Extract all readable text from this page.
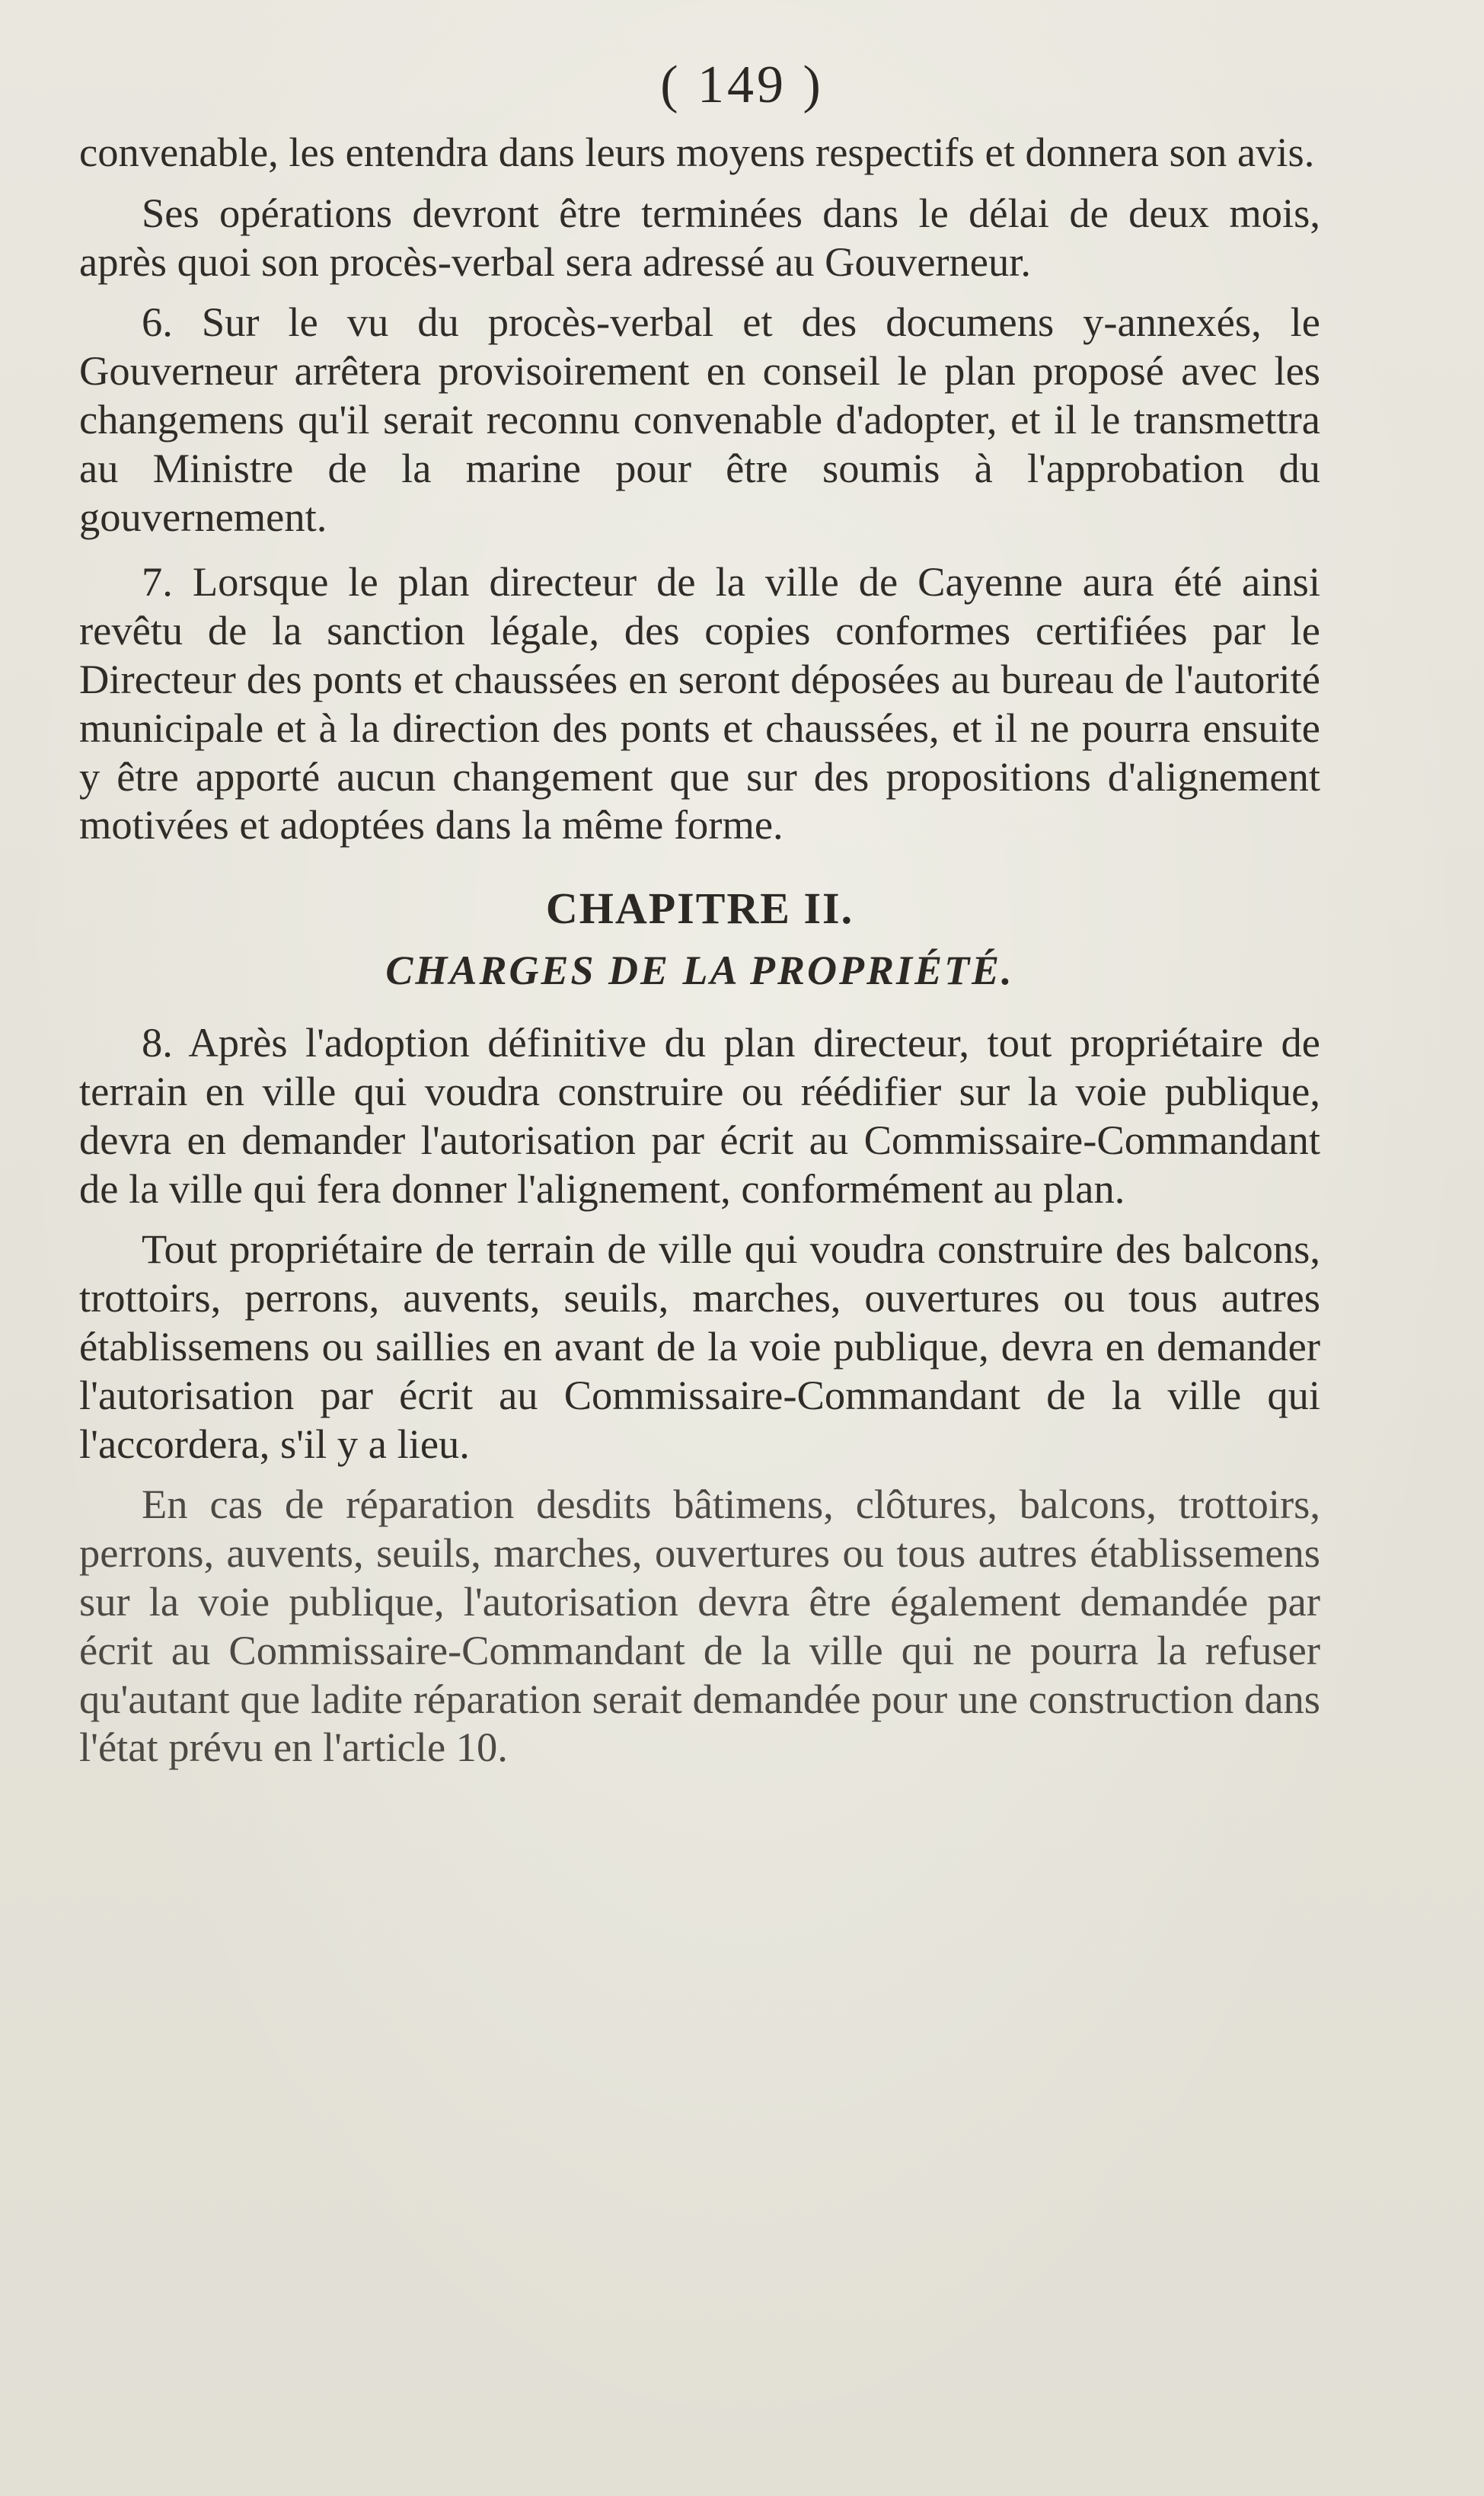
( 149 )

convenable, les entendra dans leurs moyens respectifs et donnera son avis.

Ses opérations devront être terminées dans le délai de deux mois, après quoi son procès-verbal sera adressé au Gouverneur.

6. Sur le vu du procès-verbal et des documens y-annexés, le Gouverneur arrêtera provisoirement en conseil le plan proposé avec les changemens qu'il serait reconnu convenable d'adopter, et il le transmettra au Ministre de la marine pour être soumis à l'approbation du gouvernement.

7. Lorsque le plan directeur de la ville de Cayenne aura été ainsi revêtu de la sanction légale, des copies conformes certifiées par le Directeur des ponts et chaussées en seront déposées au bureau de l'autorité municipale et à la direction des ponts et chaussées, et il ne pourra ensuite y être apporté aucun changement que sur des propositions d'alignement motivées et adoptées dans la même forme.

CHAPITRE II.
CHARGES DE LA PROPRIÉTÉ.

8. Après l'adoption définitive du plan directeur, tout propriétaire de terrain en ville qui voudra construire ou réédifier sur la voie publique, devra en demander l'autorisation par écrit au Commissaire-Commandant de la ville qui fera donner l'alignement, conformément au plan.

Tout propriétaire de terrain de ville qui voudra construire des balcons, trottoirs, perrons, auvents, seuils, marches, ouvertures ou tous autres établissemens ou saillies en avant de la voie publique, devra en demander l'autorisation par écrit au Commissaire-Commandant de la ville qui l'accordera, s'il y a lieu.

En cas de réparation desdits bâtimens, clôtures, balcons, trottoirs, perrons, auvents, seuils, marches, ouvertures ou tous autres établissemens sur la voie publique, l'autorisation devra être également demandée par écrit au Commissaire-Commandant de la ville qui ne pourra la refuser qu'autant que ladite réparation serait demandée pour une construction dans l'état prévu en l'article 10.
